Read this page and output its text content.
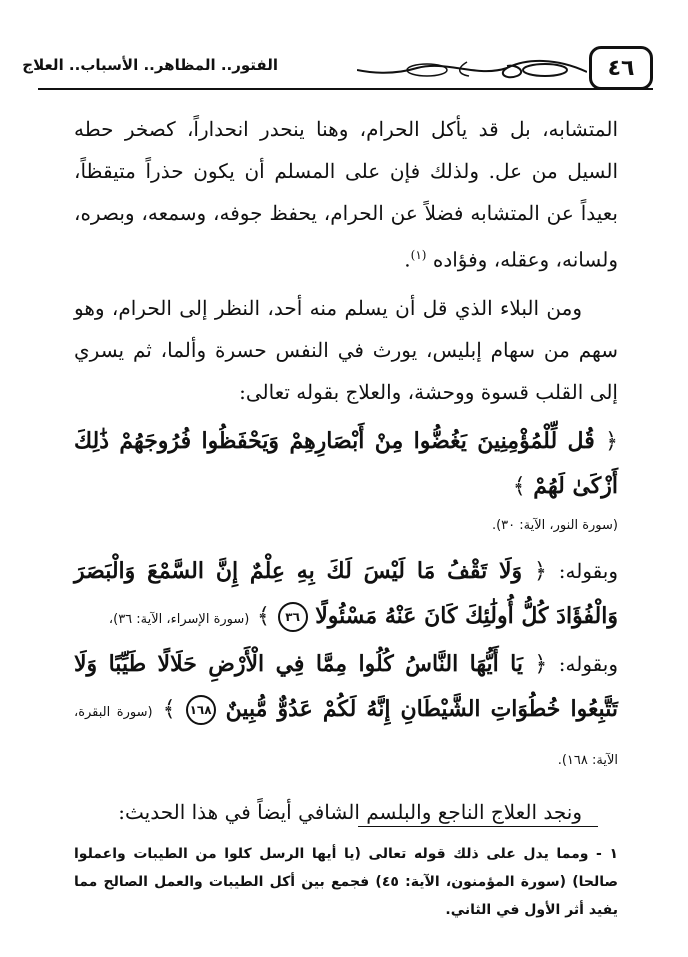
٤٦
الفتور.. المظاهر.. الأسباب.. العلاج

المتشابه، بل قد يأكل الحرام، وهنا ينحدر انحداراً، كصخر حطه السيل من عل. ولذلك فإن على المسلم أن يكون حذراً متيقظاً، بعيداً عن المتشابه فضلاً عن الحرام، يحفظ جوفه، وسمعه، وبصره، ولسانه، وعقله، وفؤاده $^{(١)}$.

ومن البلاء الذي قل أن يسلم منه أحد، النظر إلى الحرام، وهو سهم من سهام إبليس، يورث في النفس حسرة وألما، ثم يسري إلى القلب قسوة ووحشة، والعلاج بقوله تعالى:

﴿ قُل لِّلْمُؤْمِنِينَ يَغُضُّوا مِنْ أَبْصَارِهِمْ وَيَحْفَظُوا فُرُوجَهُمْ ذَٰلِكَ أَزْكَىٰ لَهُمْ ﴾
(سورة النور، الآية: ٣٠).
وبقوله: ﴿ وَلَا تَقْفُ مَا لَيْسَ لَكَ بِهِ عِلْمٌ إِنَّ السَّمْعَ وَالْبَصَرَ وَالْفُؤَادَ كُلُّ أُولَٰئِكَ كَانَ عَنْهُ مَسْئُولًا ٣٦ ﴾ (سورة الإسراء، الآية: ٣٦)،
وبقوله: ﴿ يَا أَيُّهَا النَّاسُ كُلُوا مِمَّا فِي الْأَرْضِ حَلَالًا طَيِّبًا وَلَا تَتَّبِعُوا خُطُوَاتِ الشَّيْطَانِ إِنَّهُ لَكُمْ عَدُوٌّ مُّبِينٌ ١٦٨ ﴾ (سورة البقرة، الآية: ١٦٨).

ونجد العلاج الناجع والبلسم الشافي أيضاً في هذا الحديث:

١ - ومما يدل على ذلك قوله تعالى (يا أيها الرسل كلوا من الطيبات واعملوا صالحا) (سورة المؤمنون، الآية: ٤٥) فجمع بين أكل الطيبات والعمل الصالح مما يفيد أثر الأول في الثاني.
